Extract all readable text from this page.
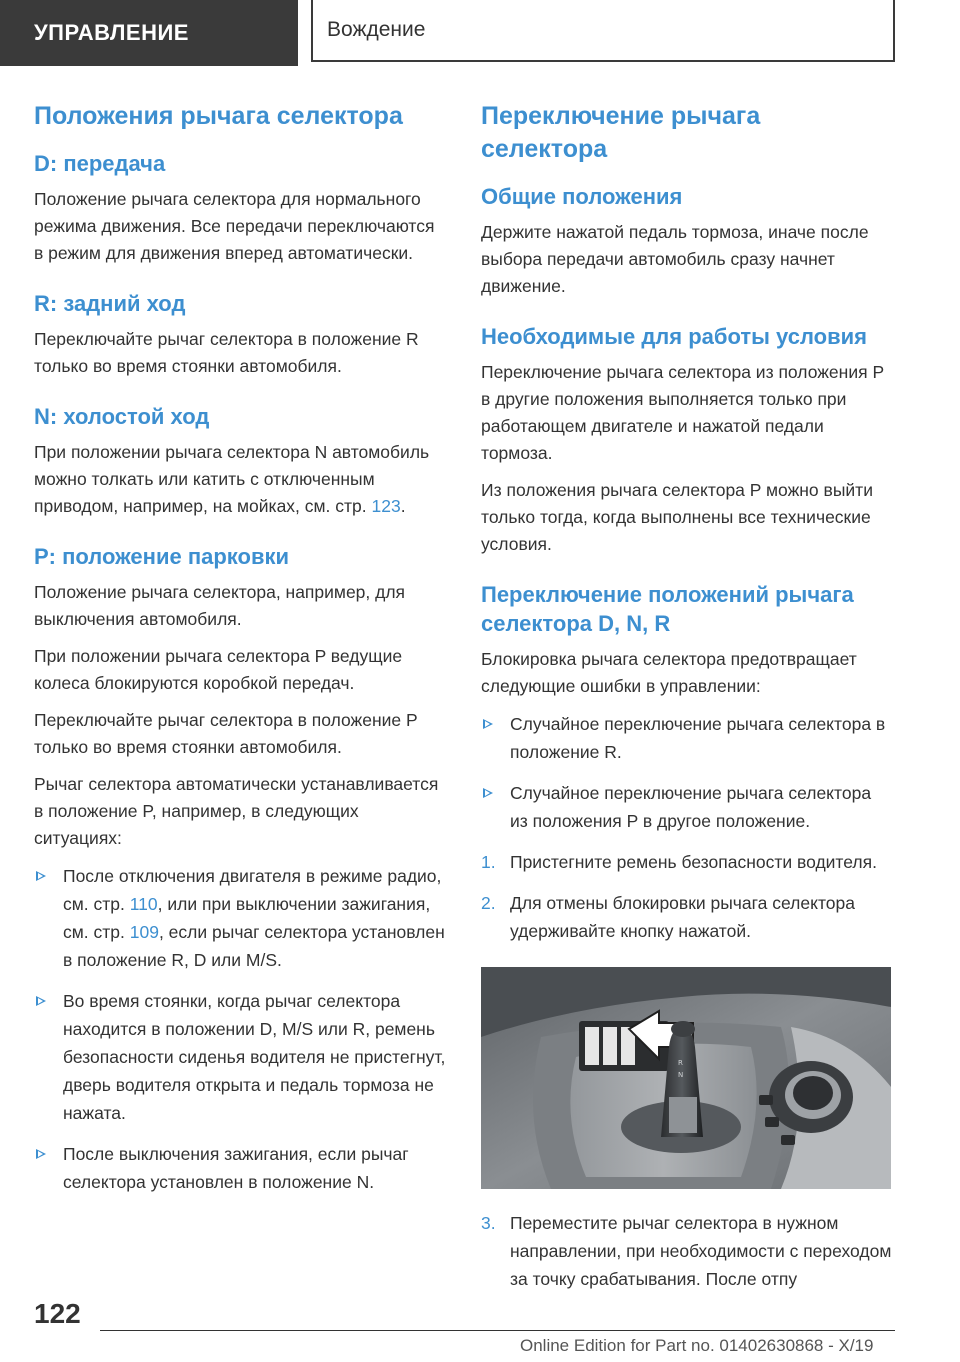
УПРАВЛЕНИЕ	Вождение
Положения рычага селектора
D: передача

Положение рычага селектора для нормального режима движения. Все передачи переключаются в режим для движения вперед автоматически.

R: задний ход

Переключайте рычаг селектора в положение R только во время стоянки автомобиля.

N: холостой ход

При положении рычага селектора N автомобиль можно толкать или катить с отключенным приводом, например, на мойках, см. стр. 123.

P: положение парковки

Положение рычага селектора, например, для выключения автомобиля.

При положении рычага селектора P ведущие колеса блокируются коробкой передач.

Переключайте рычаг селектора в положение P только во время стоянки автомобиля.

Рычаг селектора автоматически устанавливается в положение P, например, в следующих ситуациях:

После отключения двигателя в режиме радио, см. стр. 110, или при выключении зажигания, см. стр. 109, если рычаг селектора установлен в положение R, D или M/S.
Во время стоянки, когда рычаг селектора находится в положении D, M/S или R, ремень безопасности сиденья водителя не пристегнут, дверь водителя открыта и педаль тормоза не нажата.
После выключения зажигания, если рычаг селектора установлен в положение N.
Переключение рычага селектора
Общие положения

Держите нажатой педаль тормоза, иначе после выбора передачи автомобиль сразу начнет движение.

Необходимые для работы условия

Переключение рычага селектора из положения P в другие положения выполняется только при работающем двигателе и нажатой педали тормоза.

Из положения рычага селектора P можно выйти только тогда, когда выполнены все технические условия.

Переключение положений рычага селектора D, N, R

Блокировка рычага селектора предотвращает следующие ошибки в управлении:

Случайное переключение рычага селектора в положение R.
Случайное переключение рычага селектора из положения P в другое положение.
1. Пристегните ремень безопасности водителя.
2. Для отмены блокировки рычага селектора удерживайте кнопку нажатой.
R
N
3. Переместите рычаг селектора в нужном направлении, при необходимости с переходом за точку срабатывания. После отпу
122
Online Edition for Part no. 01402630868 - X/19
